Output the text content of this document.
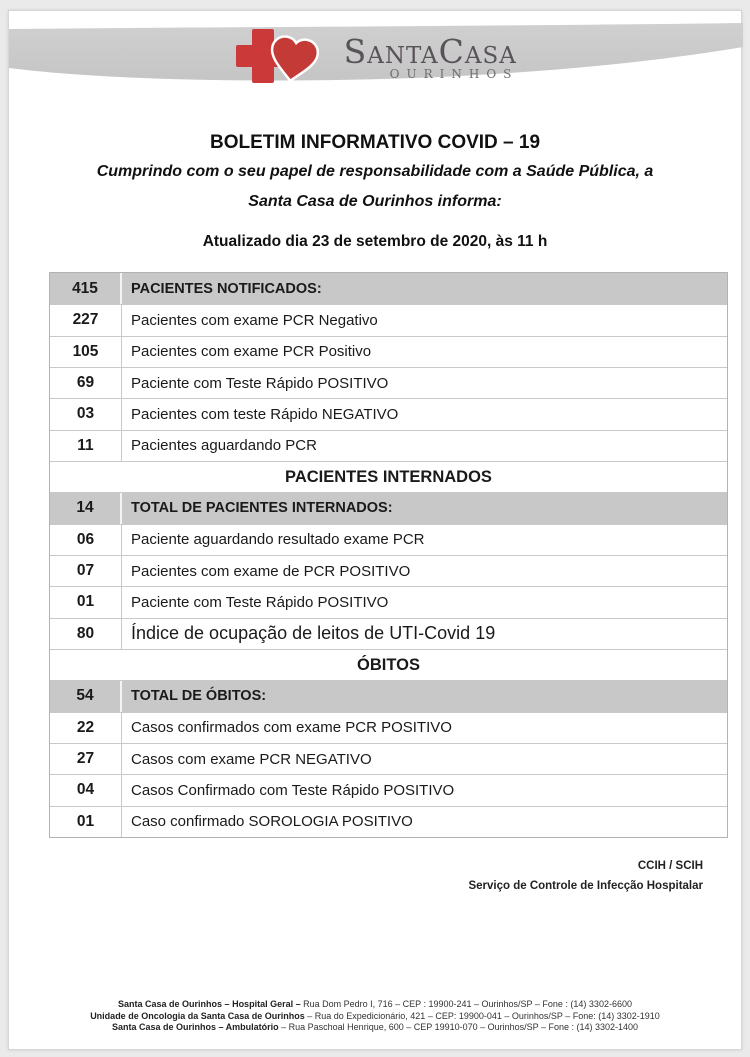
SantaCasa
OURINHOS
BOLETIM INFORMATIVO COVID – 19
Cumprindo com o seu papel de responsabilidade com a Saúde Pública, a
Santa Casa de Ourinhos informa:
Atualizado dia 23 de setembro de 2020, às 11 h
415	PACIENTES NOTIFICADOS:
227	Pacientes com exame PCR Negativo
105	Pacientes com exame PCR Positivo
69	Paciente com Teste Rápido POSITIVO
03	Pacientes com teste Rápido NEGATIVO
11	Pacientes aguardando PCR
PACIENTES INTERNADOS
14	TOTAL DE PACIENTES INTERNADOS:
06	Paciente aguardando resultado exame PCR
07	Pacientes com exame de PCR POSITIVO
01	Paciente com Teste Rápido POSITIVO
80	Índice de ocupação de leitos de UTI-Covid 19
ÓBITOS
54	TOTAL DE ÓBITOS:
22	Casos confirmados com exame PCR POSITIVO
27	Casos com exame PCR NEGATIVO
04	Casos Confirmado com Teste Rápido POSITIVO
01	Caso confirmado SOROLOGIA POSITIVO
CCIH / SCIH
Serviço de Controle de Infecção Hospitalar
Santa Casa de Ourinhos – Hospital Geral – Rua Dom Pedro I, 716 – CEP : 19900-241 – Ourinhos/SP – Fone : (14) 3302-6600
Unidade de Oncologia da Santa Casa de Ourinhos – Rua do Expedicionário, 421 – CEP: 19900-041 – Ourinhos/SP – Fone: (14) 3302-1910
Santa Casa de Ourinhos – Ambulatório – Rua Paschoal Henrique, 600 – CEP 19910-070 – Ourinhos/SP – Fone : (14) 3302-1400
